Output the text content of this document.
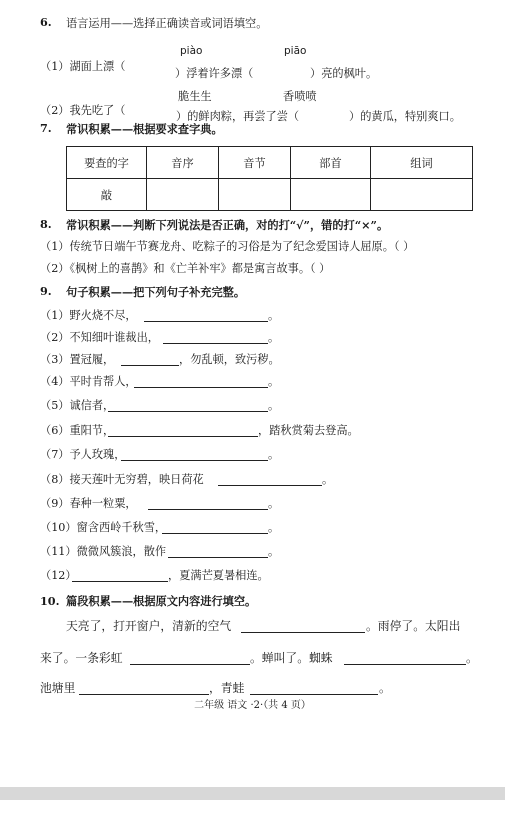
6. 语言运用——选择正确读音或词语填空。
piào	piāo
（1）湖面上漂（
）浮着许多漂（	）亮的枫叶。
脆生生	香喷喷
（2）我先吃了（	）的鲜肉粽，再尝了尝（	）的黄瓜，特别爽口。
7. 常识积累——根据要求查字典。
要查的字	音序	音节	部首	组词
敲				
8. 常识积累——判断下列说法是否正确，对的打“√”，错的打“×”。
（1）传统节日端午节赛龙舟、吃粽子的习俗是为了纪念爱国诗人屈原。（ ）
（2）《枫树上的喜鹊》和《亡羊补牢》都是寓言故事。（ ）
9. 句子积累——把下列句子补充完整。
（1）野火烧不尽，	。
（2）不知细叶谁裁出，	。
（3）置冠履，	，勿乱顿，致污秽。
（4）平时肯帮人，	。
（5）诚信者，	。
（6）重阳节，	，踏秋赏菊去登高。
（7）予人玫瑰，	。
（8）接天莲叶无穷碧，映日荷花	。
（9）春种一粒粟，	。
（10）窗含西岭千秋雪，	。
（11）微微风簇浪，散作	。
（12）	，夏满芒夏暑相连。
10. 篇段积累——根据原文内容进行填空。
天亮了，打开窗户，清新的空气	。雨停了。太阳出
来了。一条彩虹	。蝉叫了。蜘蛛	。
池塘里	，青蛙	。
二年级 语文 ·2·（共 4 页）
